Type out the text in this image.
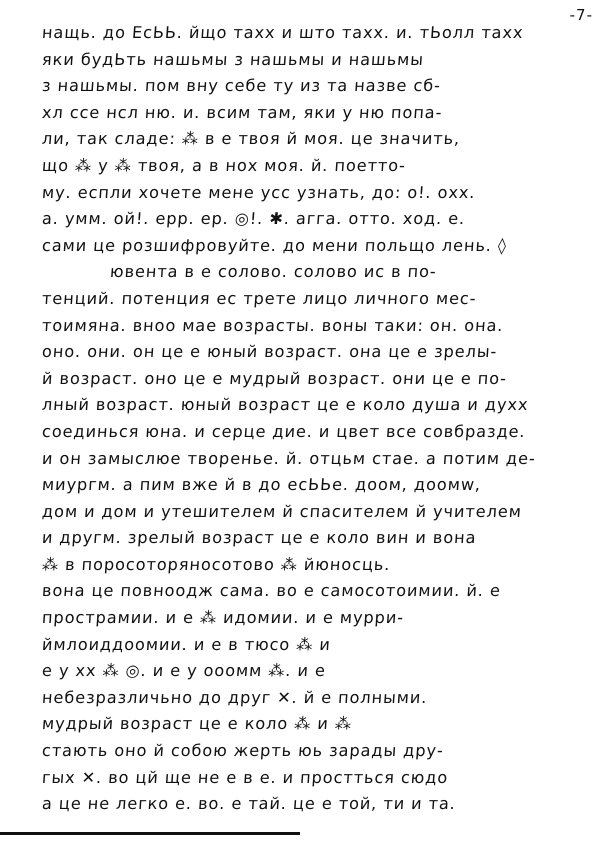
-7-
нащь. до ЕсЬЬ. йщо тахх и што тахх. и. тЬолл тахх
яки будЬть нашьмы з нашьмы и нашьмы
з нашьмы. пом вну себе ту из та назве сб-
хл ссе нсл ню. и. всим там, яки у ню попа-
ли, так сладе: ⁂ в е твоя й моя. це значить,
що ⁂ у ⁂ твоя, а в нох моя. й. поетто-
му. еспли хочете мене усс узнать, до: о!. охх.
а. умм. ой!. ерр. ер. ◎!. ✱. агга. отто. ход. е.
сами це розшифровуйте. до мени польщо лень. ◊
ювента в е солово. солово ис в по-
тенций. потенция ес трете лицо личного мес-
тоимяна. вноо мае возрасты. воны таки: он. она.
оно. они. он це е юный возраст. она це е зрелы-
й возраст. оно це е мудрый возраст. они це е по-
лный возраст. юный возраст це е коло душа и духх
соединься юна. и серце дие. и цвет все совбразде.
и он замыслюе творенье. й. отцьм стае. а потим де-
миургм. а пим вже й в до есЬЬе. доом, доомw,
дом и дом и утешителем й спасителем й учителем
и другм. зрелый возраст це е коло вин и вона
⁂ в поросоторяносотово ⁂ йюносць.
вона це повноодж сама. во е самосотоимии. й. е
прострамии. и е ⁂ идомии. и е мурри-
ймлоиддоомии. и е в тюсо ⁂ и
е у хх ⁂ ◎. и е у ооомм ⁂. и е
небезразличьно до друг ✕. й е полными.
мудрый возраст це е коло ⁂ и ⁂
стають оно й собою жерть юь зарады дру-
гых ✕. во цй ще не е в е. и простться сюдо
а це не легко е. во. е тай. це е той, ти и та.
